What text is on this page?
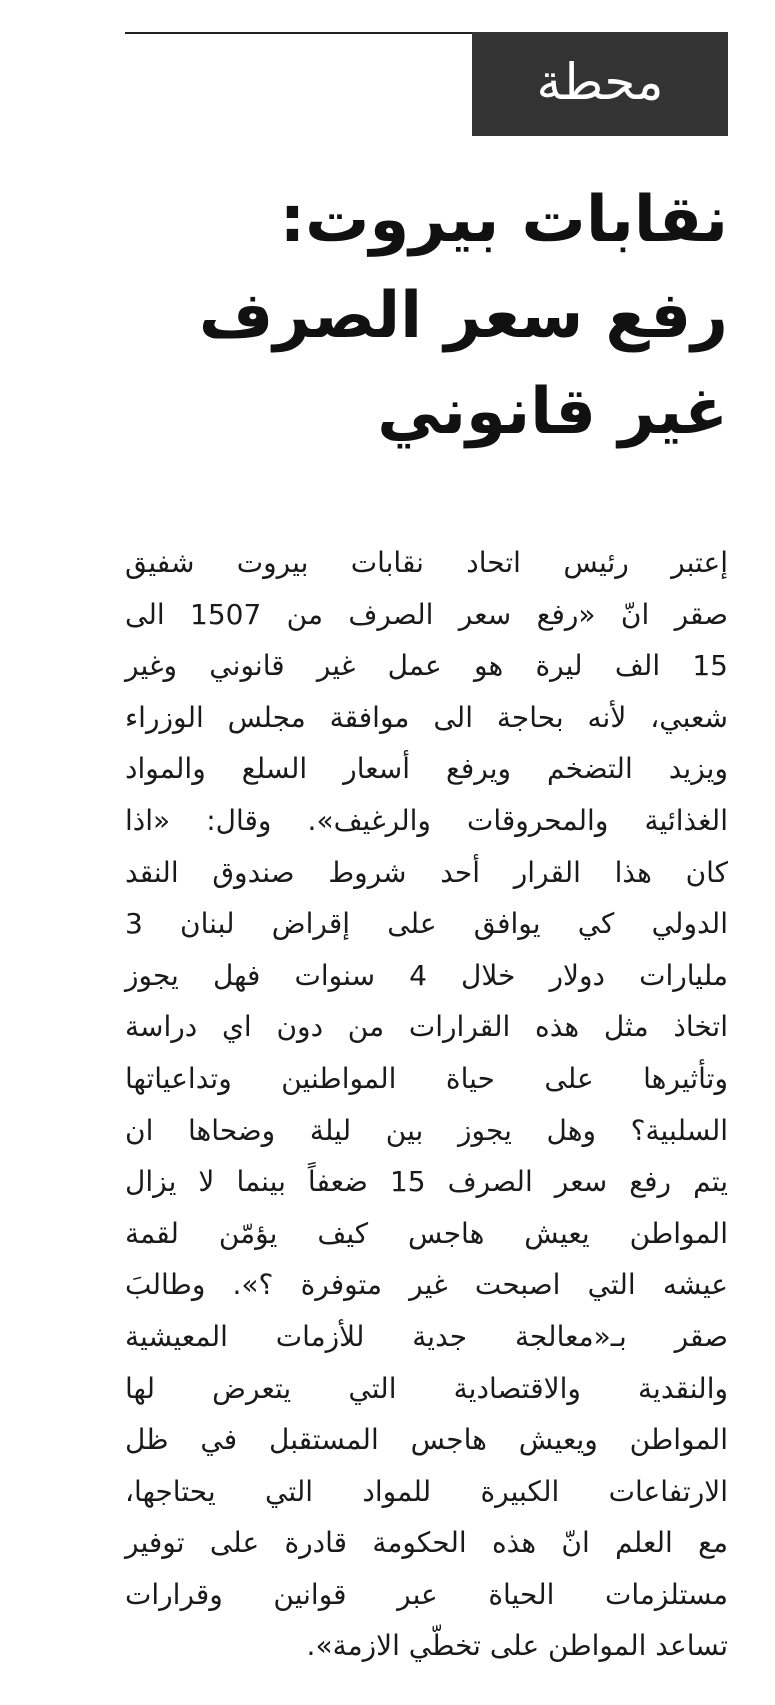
محطة
نقابات بيروت:
رفع سعر الصرف
غير قانوني
إعتبر رئيس اتحاد نقابات بيروت شفيق
صقر انّ «رفع سعر الصرف من 1507 الى
15 الف ليرة هو عمل غير قانوني وغير
شعبي، لأنه بحاجة الى موافقة مجلس الوزراء
ويزيد التضخم ويرفع أسعار السلع والمواد
الغذائية والمحروقات والرغيف». وقال: «اذا
كان هذا القرار أحد شروط صندوق النقد
الدولي كي يوافق على إقراض لبنان 3
مليارات دولار خلال 4 سنوات فهل يجوز
اتخاذ مثل هذه القرارات من دون اي دراسة
وتأثيرها على حياة المواطنين وتداعياتها
السلبية؟ وهل يجوز بين ليلة وضحاها ان
يتم رفع سعر الصرف 15 ضعفاً بينما لا يزال
المواطن يعيش هاجس كيف يؤمّن لقمة
عيشه التي اصبحت غير متوفرة ؟». وطالبَ
صقر بـ«معالجة جدية للأزمات المعيشية
والنقدية والاقتصادية التي يتعرض لها
المواطن ويعيش هاجس المستقبل في ظل
الارتفاعات الكبيرة للمواد التي يحتاجها،
مع العلم انّ هذه الحكومة قادرة على توفير
مستلزمات الحياة عبر قوانين وقرارات
تساعد المواطن على تخطّي الازمة».
